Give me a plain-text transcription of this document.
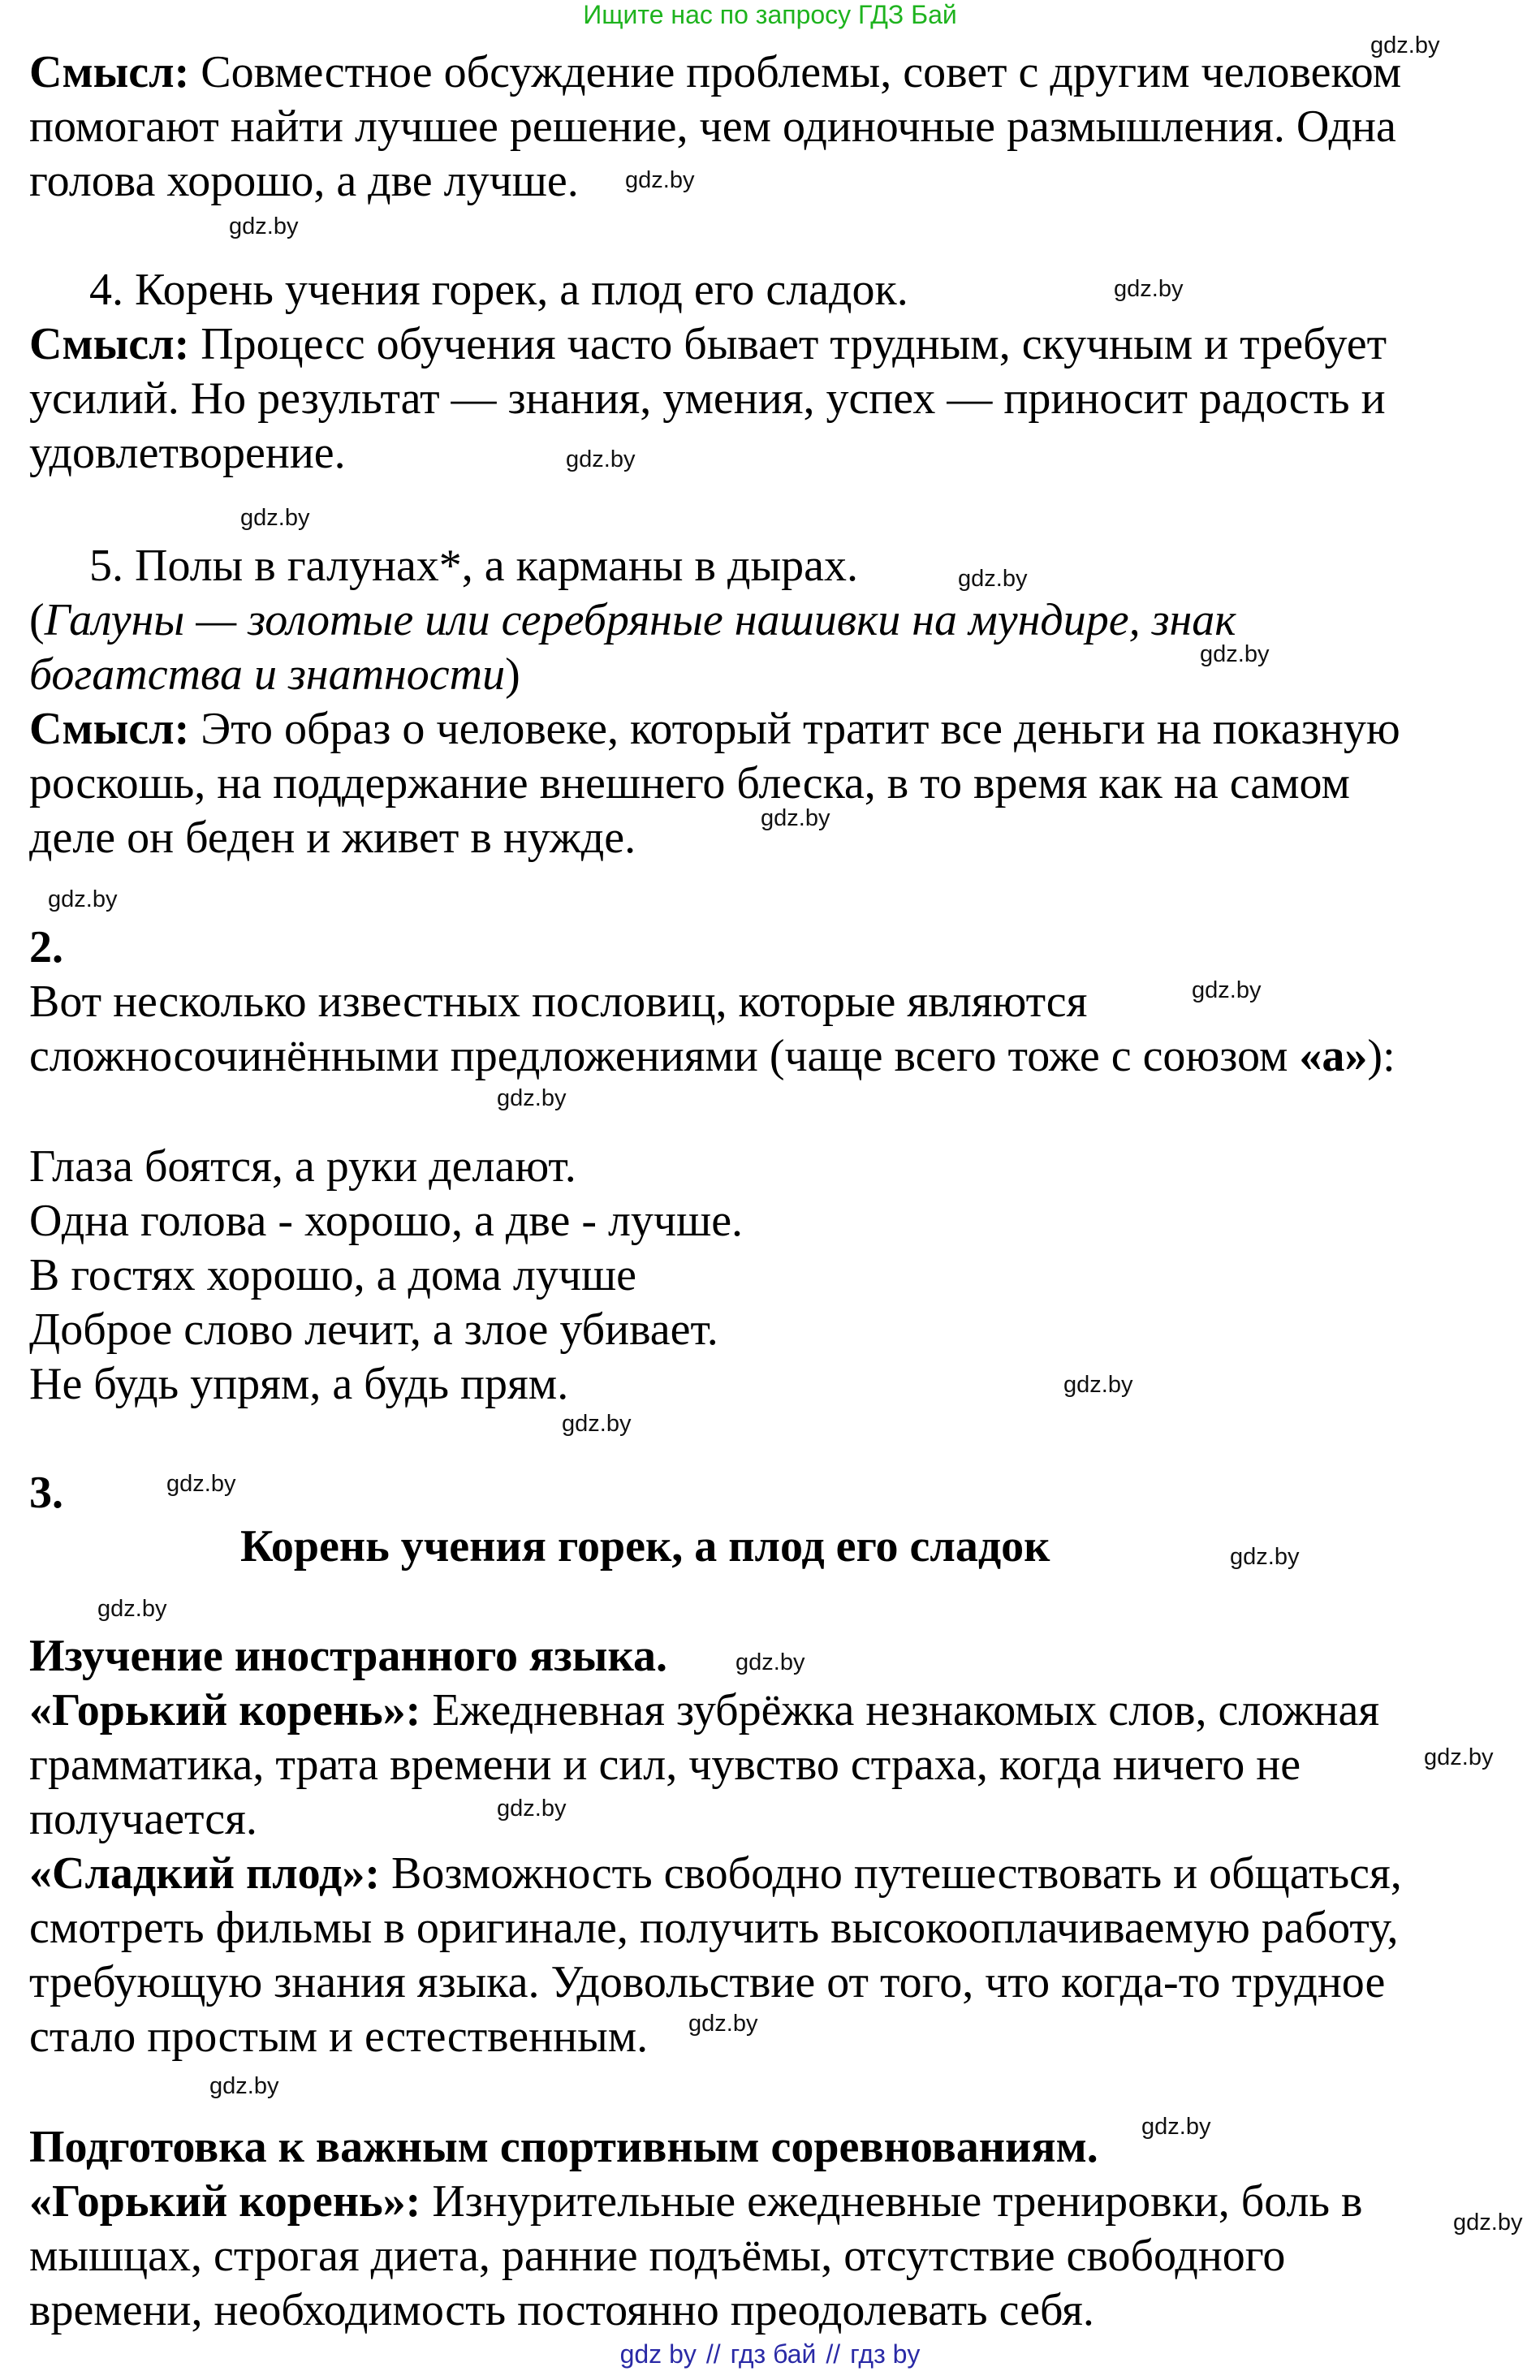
Ищите нас по запросу ГДЗ Бай
Смысл: Совместное обсуждение проблемы, совет с другим человеком
помогают найти лучшее решение, чем одиночные размышления. Одна
голова хорошо, а две лучше.
4. Корень учения горек, а плод его сладок.
Смысл: Процесс обучения часто бывает трудным, скучным и требует
усилий. Но результат — знания, умения, успех — приносит радость и
удовлетворение.
5. Полы в галунах*, а карманы в дырах.
(Галуны — золотые или серебряные нашивки на мундире, знак
богатства и знатности)
Смысл: Это образ о человеке, который тратит все деньги на показную
роскошь, на поддержание внешнего блеска, в то время как на самом
деле он беден и живет в нужде.
2.
Вот несколько известных пословиц, которые являются
сложносочинёнными предложениями (чаще всего тоже с союзом «а»):
Глаза боятся, а руки делают.
Одна голова - хорошо, а две - лучше.
В гостях хорошо, а дома лучше
Доброе слово лечит, а злое убивает.
Не будь упрям, а будь прям.
3.
Корень учения горек, а плод его сладок
Изучение иностранного языка.
«Горький корень»: Ежедневная зубрёжка незнакомых слов, сложная
грамматика, трата времени и сил, чувство страха, когда ничего не
получается.
«Сладкий плод»: Возможность свободно путешествовать и общаться,
смотреть фильмы в оригинале, получить высокооплачиваемую работу,
требующую знания языка. Удовольствие от того, что когда-то трудное
стало простым и естественным.
Подготовка к важным спортивным соревнованиям.
«Горький корень»: Изнурительные ежедневные тренировки, боль в
мышцах, строгая диета, ранние подъёмы, отсутствие свободного
времени, необходимость постоянно преодолевать себя.
gdz.by
gdz.by
gdz.by
gdz.by
gdz.by
gdz.by
gdz.by
gdz.by
gdz.by
gdz.by
gdz.by
gdz.by
gdz.by
gdz.by
gdz.by
gdz.by
gdz.by
gdz.by
gdz.by
gdz.by
gdz.by
gdz.by
gdz.by
gdz.by
gdz by // гдз бай // гдз by
